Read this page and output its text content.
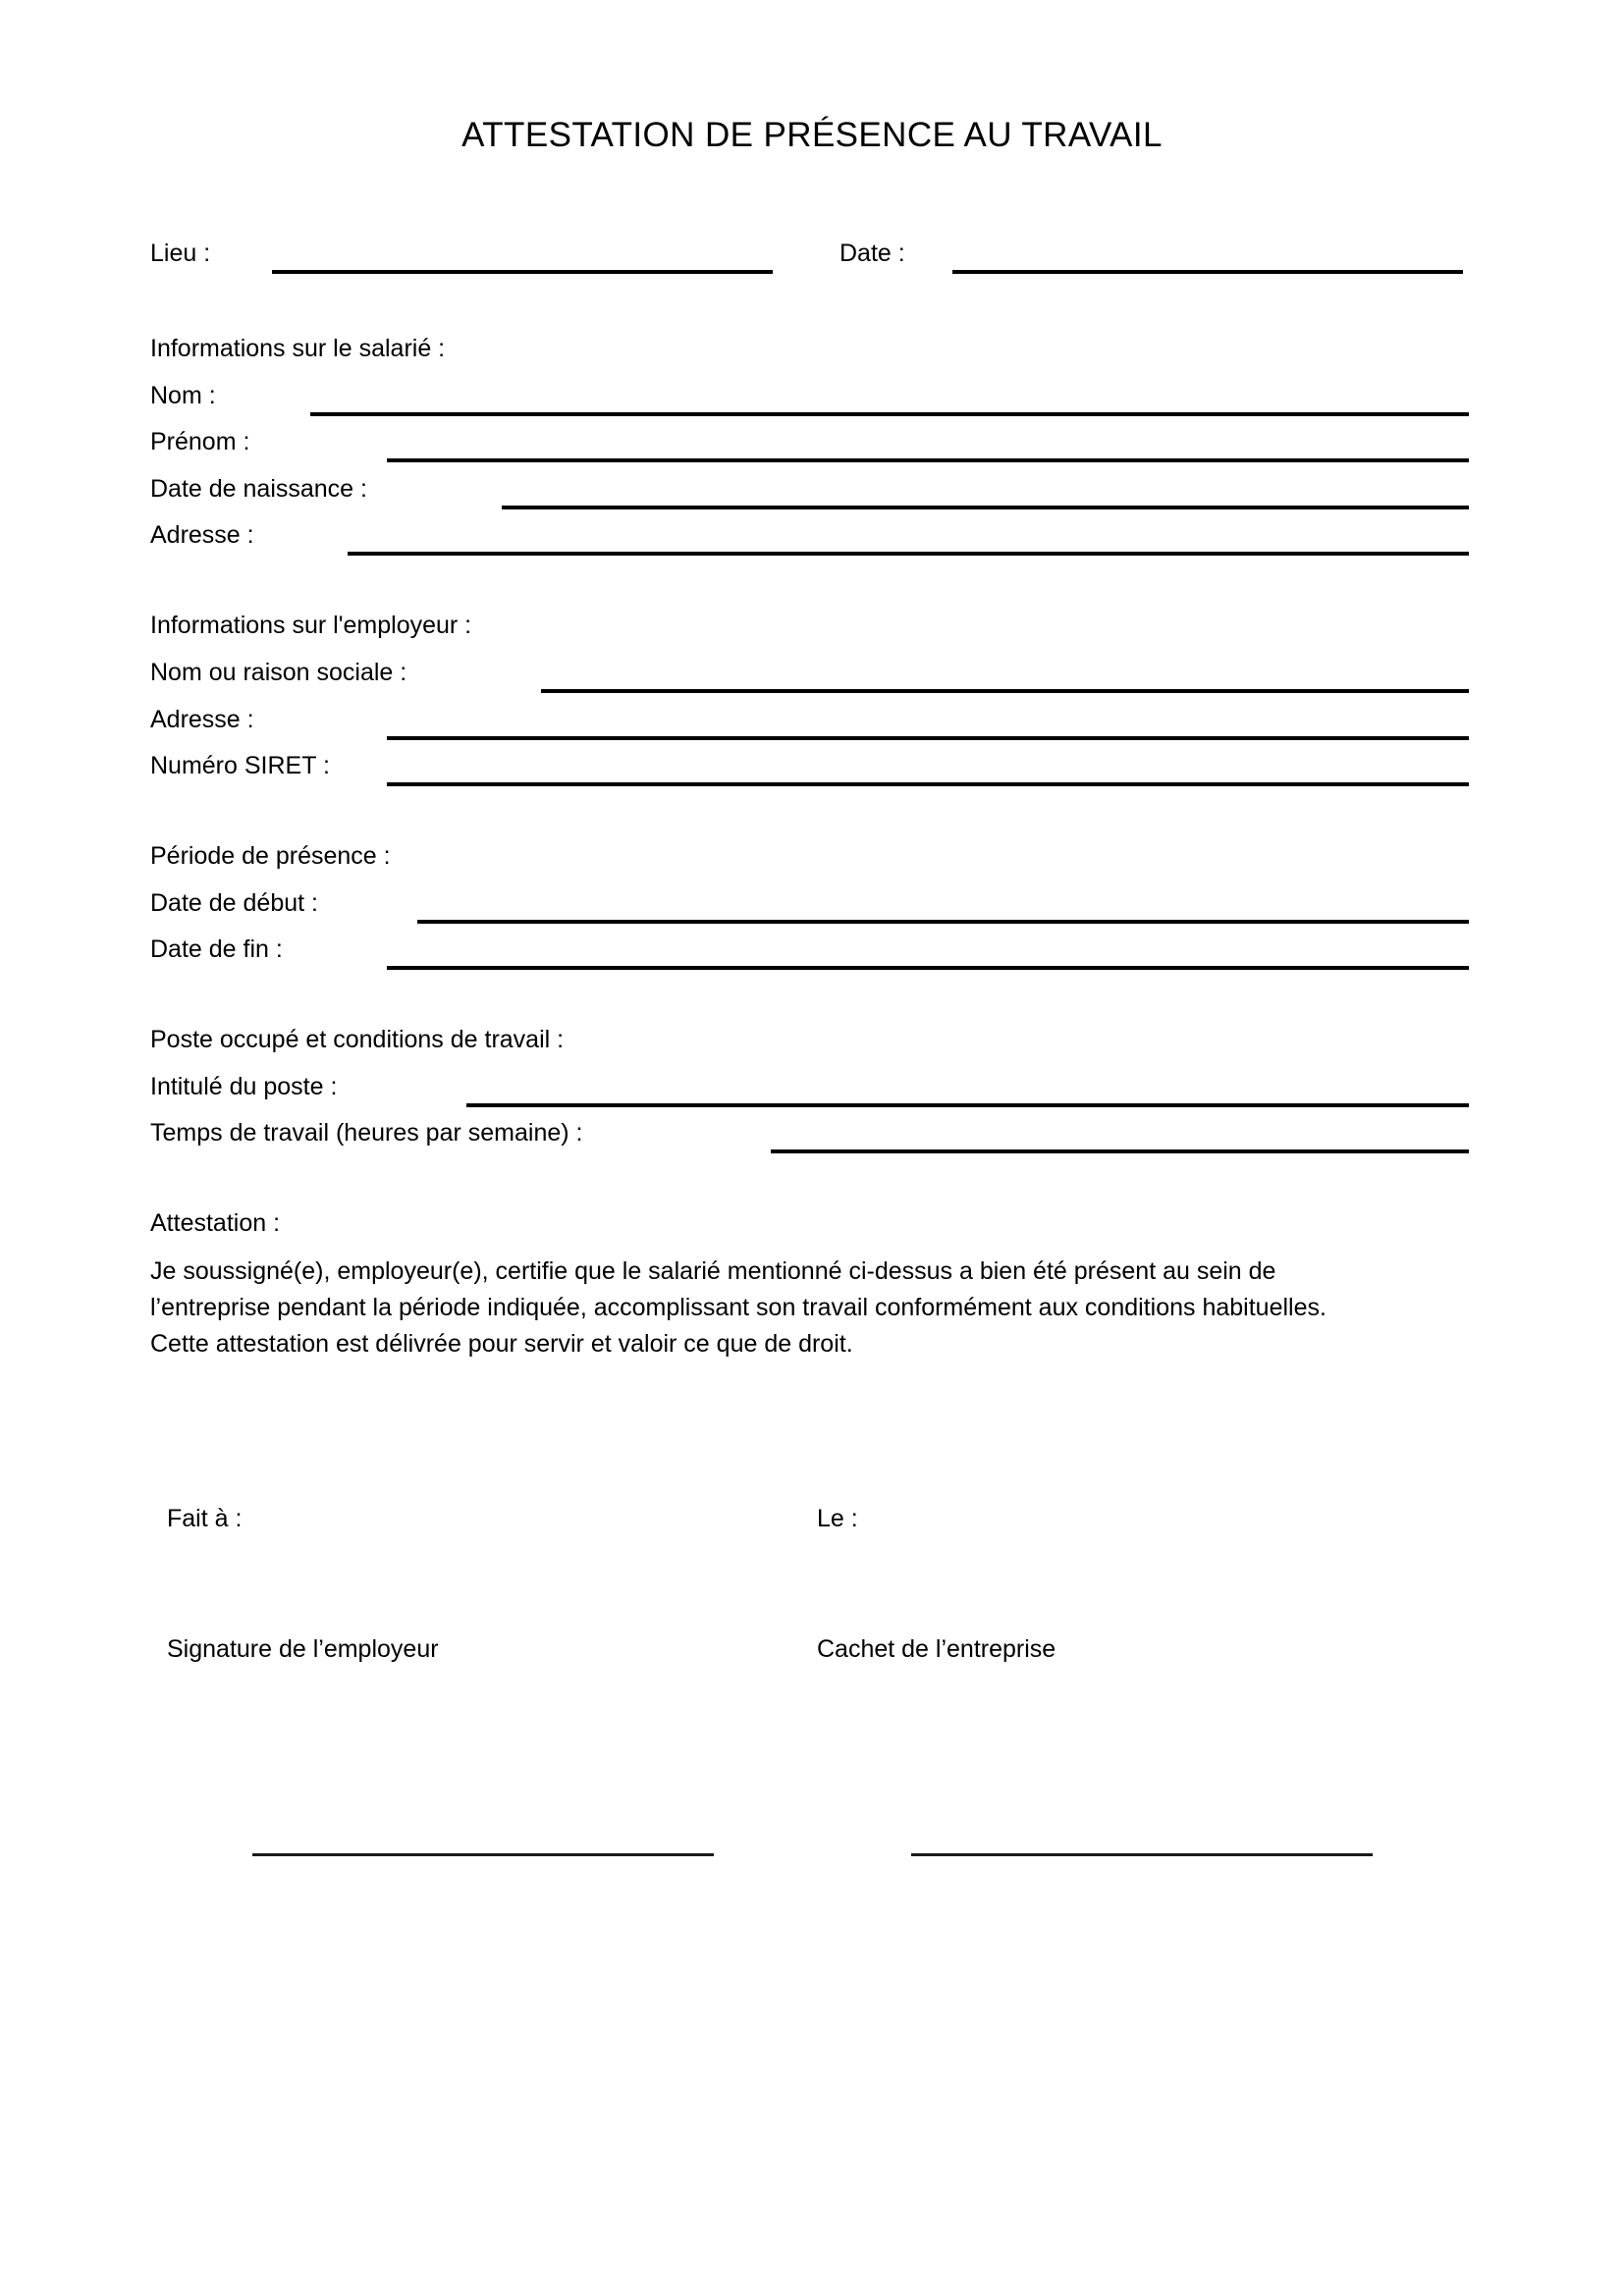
ATTESTATION DE PRÉSENCE AU TRAVAIL
Lieu :	Date :
Informations sur le salarié :
Nom :
Prénom :
Date de naissance :
Adresse :
Informations sur l'employeur :
Nom ou raison sociale :
Adresse :
Numéro SIRET :
Période de présence :
Date de début :
Date de fin :
Poste occupé et conditions de travail :
Intitulé du poste :
Temps de travail (heures par semaine) :
Attestation :

Je soussigné(e), employeur(e), certifie que le salarié mentionné ci-dessus a bien été présent au sein de

l’entreprise pendant la période indiquée, accomplissant son travail conformément aux conditions habituelles.

Cette attestation est délivrée pour servir et valoir ce que de droit.

Fait à :	Le :
Signature de l’employeur	Cachet de l’entreprise
